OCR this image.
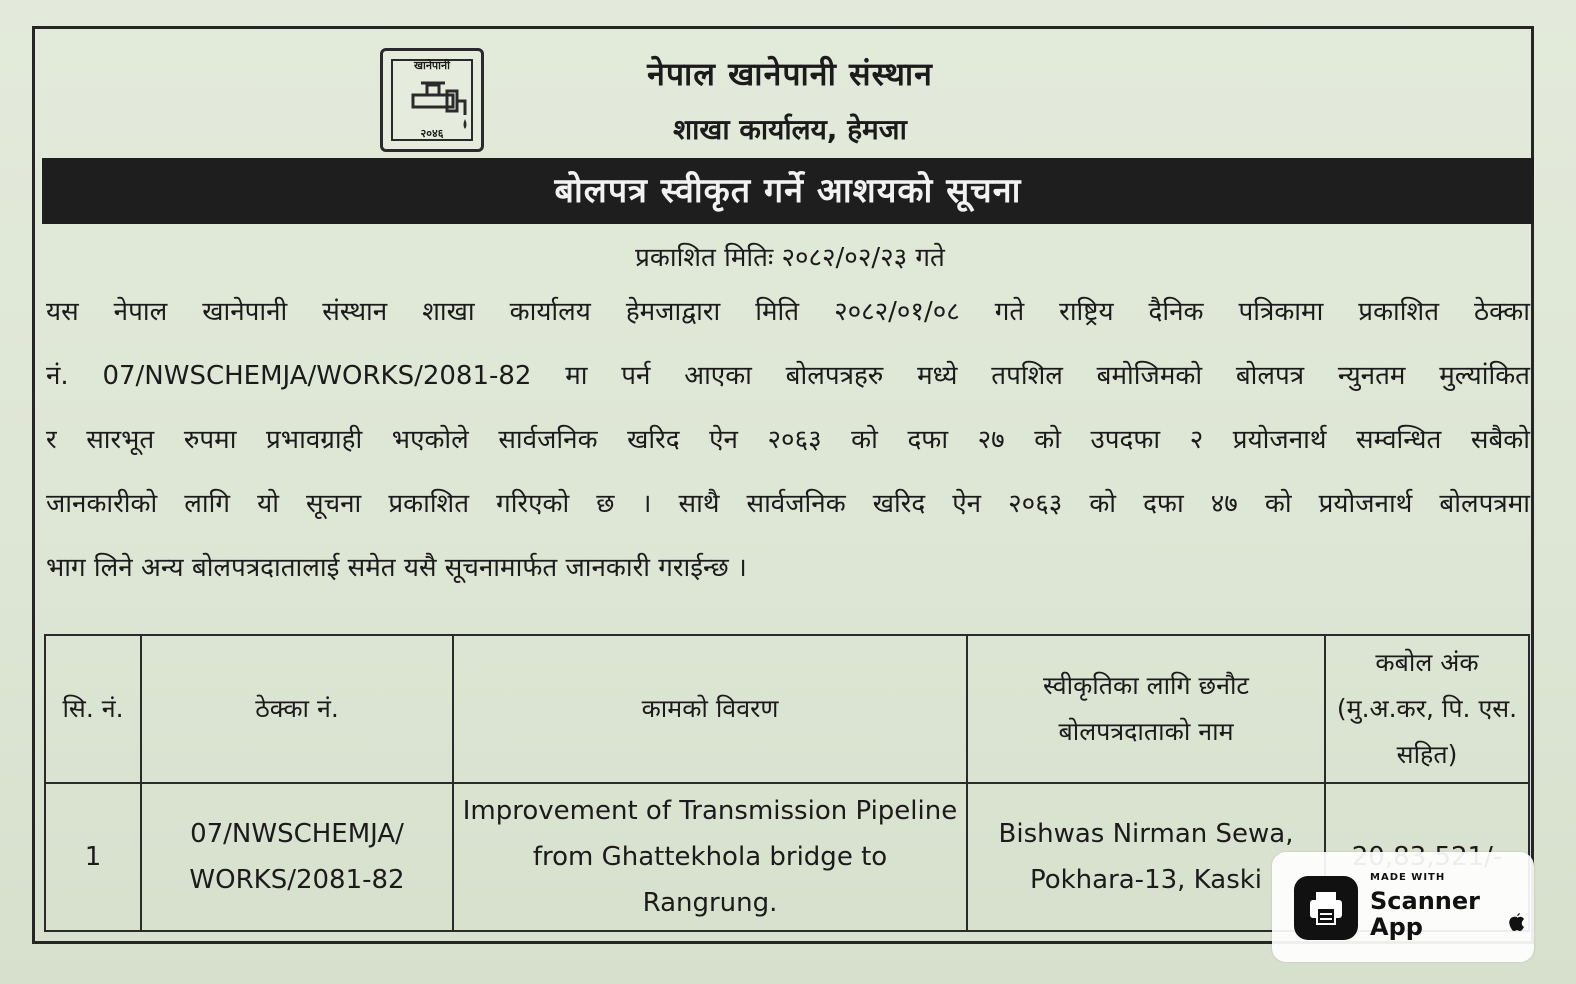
खानेपानी
२०४६
नेपाल खानेपानी संस्थान
शाखा कार्यालय, हेमजा
बोलपत्र स्वीकृत गर्ने आशयको सूचना
प्रकाशित मितिः २०८२/०२/२३ गते
यस नेपाल खानेपानी संस्थान शाखा कार्यालय हेमजाद्वारा मिति २०८२/०१/०८ गते राष्ट्रिय दैनिक पत्रिकामा प्रकाशित ठेक्का
नं. 07/NWSCHEMJA/WORKS/2081-82 मा पर्न आएका बोलपत्रहरु मध्ये तपशिल बमोजिमको बोलपत्र न्युनतम मुल्यांकित
र सारभूत रुपमा प्रभावग्राही भएकोले सार्वजनिक खरिद ऐन २०६३ को दफा २७ को उपदफा २ प्रयोजनार्थ सम्वन्धित सबैको
जानकारीको लागि यो सूचना प्रकाशित गरिएको छ । साथै सार्वजनिक खरिद ऐन २०६३ को दफा ४७ को प्रयोजनार्थ बोलपत्रमा
भाग लिने अन्य बोलपत्रदातालाई समेत यसै सूचनामार्फत जानकारी गराईन्छ ।
सि. नं.	ठेक्का नं.	कामको विवरण	स्वीकृतिका लागि छनौट बोलपत्रदाताको नाम	कबोल अंक (मु.अ.कर, पि. एस. सहित)
1	07/NWSCHEMJA/ WORKS/2081-82	Improvement of Transmission Pipeline from Ghattekhola bridge to Rangrung.	Bishwas Nirman Sewa, Pokhara-13, Kaski		MADE WITH
Scanner App
